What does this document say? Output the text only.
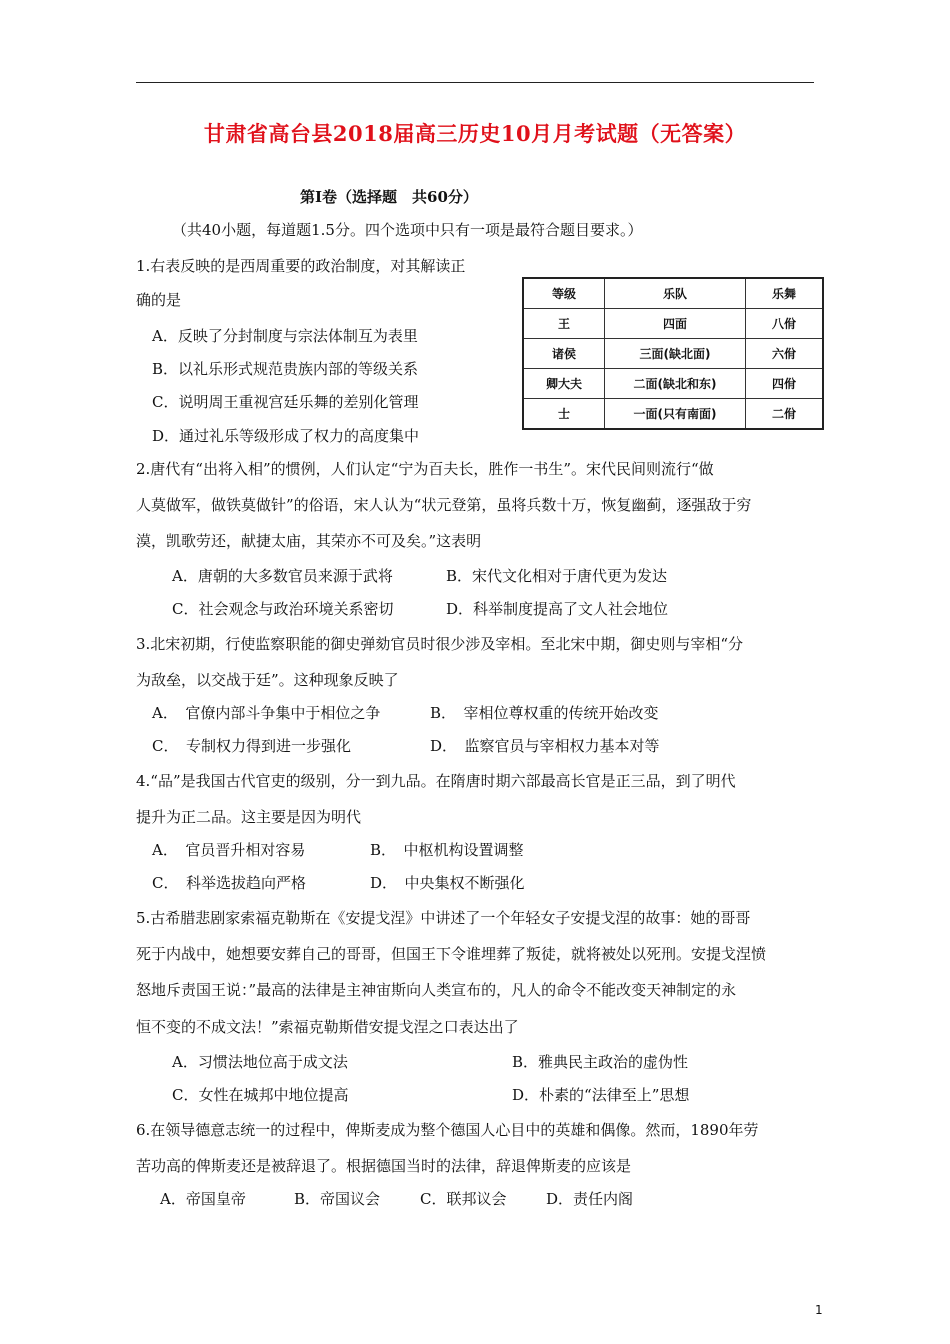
甘肃省高台县2018届高三历史10月月考试题（无答案）
第Ⅰ卷（选择题　共60分）
（共40小题，每道题1.5分。四个选项中只有一项是最符合题目要求。）
1.右表反映的是西周重要的政治制度，对其解读正
确的是
A．反映了分封制度与宗法体制互为表里
B．以礼乐形式规范贵族内部的等级关系
C．说明周王重视宫廷乐舞的差别化管理
D．通过礼乐等级形成了权力的高度集中
等级	乐队	乐舞
王	四面	八佾
诸侯	三面(缺北面)	六佾
卿大夫	二面(缺北和东)	四佾
士	一面(只有南面)	二佾
2.唐代有“出将入相”的惯例，人们认定“宁为百夫长，胜作一书生”。宋代民间则流行“做
人莫做军，做铁莫做针”的俗语，宋人认为“状元登第，虽将兵数十万，恢复幽蓟，逐强敌于穷
漠，凯歌劳还，献捷太庙，其荣亦不可及矣。”这表明
A．唐朝的大多数官员来源于武将	B．宋代文化相对于唐代更为发达
C．社会观念与政治环境关系密切	D．科举制度提高了文人社会地位
3.北宋初期，行使监察职能的御史弹劾官员时很少涉及宰相。至北宋中期，御史则与宰相“分
为敌垒，以交战于廷”。这种现象反映了
A．　官僚内部斗争集中于相位之争	B．　宰相位尊权重的传统开始改变
C．　专制权力得到进一步强化	D．　监察官员与宰相权力基本对等
4.“品”是我国古代官吏的级别，分一到九品。在隋唐时期六部最高长官是正三品，到了明代
提升为正二品。这主要是因为明代
A．　官员晋升相对容易	B．　中枢机构设置调整
C．　科举选拔趋向严格	D．　中央集权不断强化
5.古希腊悲剧家索福克勒斯在《安提戈涅》中讲述了一个年轻女子安提戈涅的故事：她的哥哥
死于内战中，她想要安葬自己的哥哥，但国王下令谁埋葬了叛徒，就将被处以死刑。安提戈涅愤
怒地斥责国王说：”最高的法律是主神宙斯向人类宣布的，凡人的命令不能改变天神制定的永
恒不变的不成文法！”索福克勒斯借安提戈涅之口表达出了
A．习惯法地位高于成文法	B．雅典民主政治的虚伪性
C．女性在城邦中地位提高	D．朴素的“法律至上”思想
6.在领导德意志统一的过程中，俾斯麦成为整个德国人心目中的英雄和偶像。然而，1890年劳
苦功高的俾斯麦还是被辞退了。根据德国当时的法律，辞退俾斯麦的应该是
A．帝国皇帝	B．帝国议会	C．联邦议会	D．责任内阁
1
